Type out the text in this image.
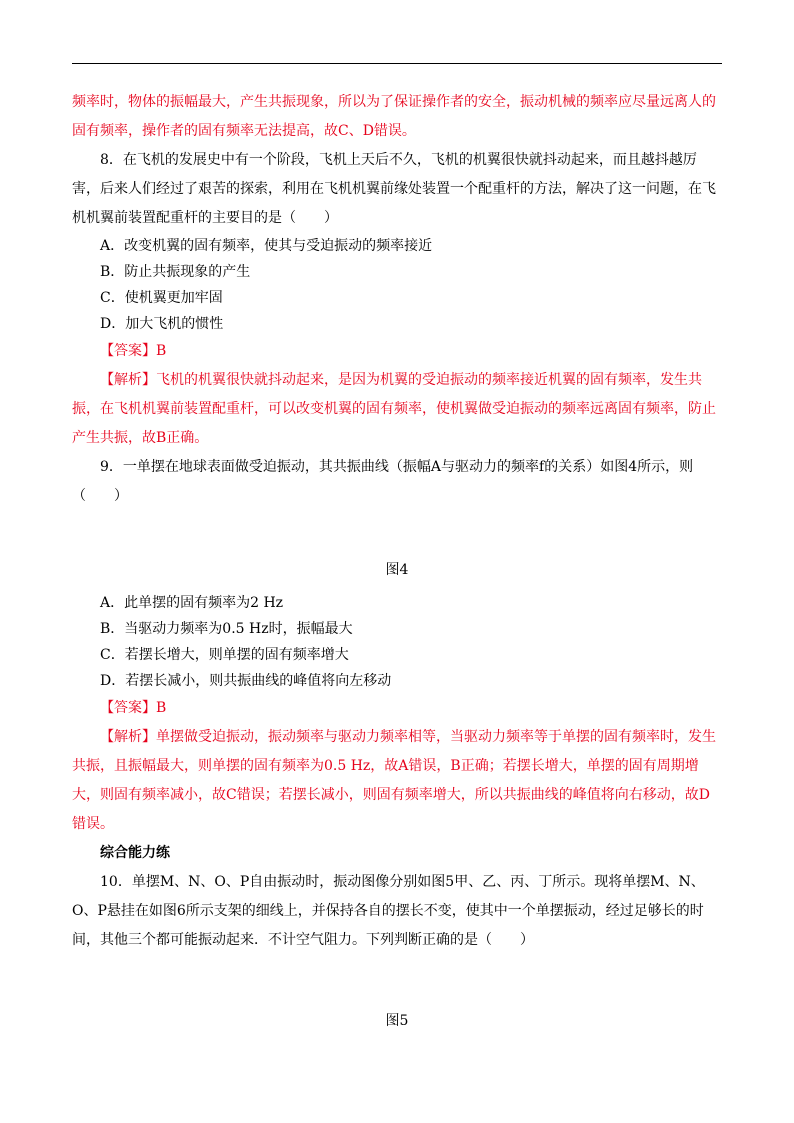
频率时，物体的振幅最大，产生共振现象，所以为了保证操作者的安全，振动机械的频率应尽量远离人的固有频率，操作者的固有频率无法提高，故C、D错误。

8．在飞机的发展史中有一个阶段，飞机上天后不久，飞机的机翼很快就抖动起来，而且越抖越厉害，后来人们经过了艰苦的探索，利用在飞机机翼前缘处装置一个配重杆的方法，解决了这一问题，在飞机机翼前装置配重杆的主要目的是（　　）

A．改变机翼的固有频率，使其与受迫振动的频率接近

B．防止共振现象的产生

C．使机翼更加牢固

D．加大飞机的惯性

【答案】B

【解析】飞机的机翼很快就抖动起来，是因为机翼的受迫振动的频率接近机翼的固有频率，发生共振，在飞机机翼前装置配重杆，可以改变机翼的固有频率，使机翼做受迫振动的频率远离固有频率，防止产生共振，故B正确。

9．一单摆在地球表面做受迫振动，其共振曲线（振幅A与驱动力的频率f的关系）如图4所示，则（　　）

图4

A．此单摆的固有频率为2 Hz

B．当驱动力频率为0.5 Hz时，振幅最大

C．若摆长增大，则单摆的固有频率增大

D．若摆长减小，则共振曲线的峰值将向左移动

【答案】B

【解析】单摆做受迫振动，振动频率与驱动力频率相等，当驱动力频率等于单摆的固有频率时，发生共振，且振幅最大，则单摆的固有频率为0.5 Hz，故A错误，B正确；若摆长增大，单摆的固有周期增大，则固有频率减小，故C错误；若摆长减小，则固有频率增大，所以共振曲线的峰值将向右移动，故D错误。

综合能力练

10．单摆M、N、O、P自由振动时，振动图像分别如图5甲、乙、丙、丁所示。现将单摆M、N、O、P悬挂在如图6所示支架的细线上，并保持各自的摆长不变，使其中一个单摆振动，经过足够长的时间，其他三个都可能振动起来．不计空气阻力。下列判断正确的是（　　）

图5
